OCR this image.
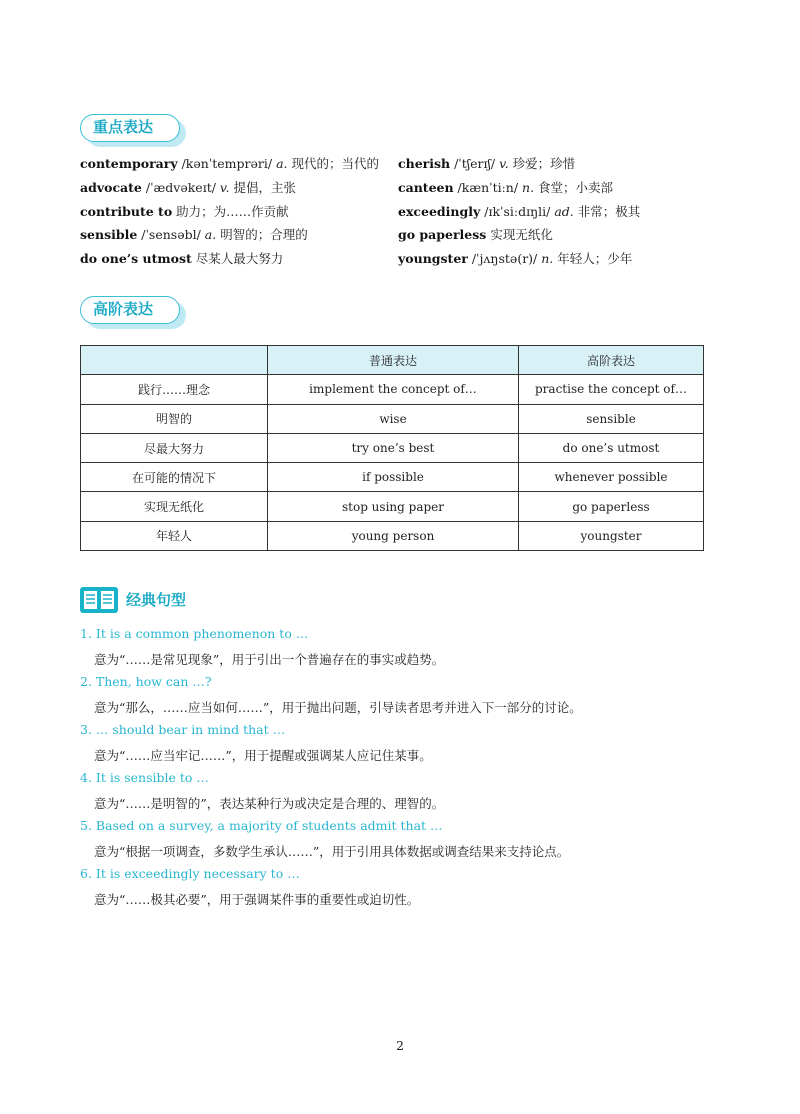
重点表达
contemporary /kənˈtemprəri/ a. 现代的；当代的
advocate /ˈædvəkeɪt/ v. 提倡，主张
contribute to 助力；为……作贡献
sensible /ˈsensəbl/ a. 明智的；合理的
do one’s utmost 尽某人最大努力
cherish /ˈtʃerɪʃ/ v. 珍爱；珍惜
canteen /kænˈtiːn/ n. 食堂；小卖部
exceedingly /ɪkˈsiːdɪŋli/ ad. 非常；极其
go paperless 实现无纸化
youngster /ˈjʌŋstə(r)/ n. 年轻人；少年
高阶表达
	普通表达	高阶表达
践行……理念	implement the concept of…	practise the concept of…
明智的	wise	sensible
尽最大努力	try one’s best	do one’s utmost
在可能的情况下	if possible	whenever possible
实现无纸化	stop using paper	go paperless
年轻人	young person	youngster
经典句型
1. It is a common phenomenon to …
意为“……是常见现象”，用于引出一个普遍存在的事实或趋势。
2. Then, how can …?
意为“那么，……应当如何……”，用于抛出问题，引导读者思考并进入下一部分的讨论。
3. … should bear in mind that …
意为“……应当牢记……”，用于提醒或强调某人应记住某事。
4. It is sensible to …
意为“……是明智的”，表达某种行为或决定是合理的、理智的。
5. Based on a survey, a majority of students admit that …
意为“根据一项调查，多数学生承认……”，用于引用具体数据或调查结果来支持论点。
6. It is exceedingly necessary to …
意为“……极其必要”，用于强调某件事的重要性或迫切性。
2
